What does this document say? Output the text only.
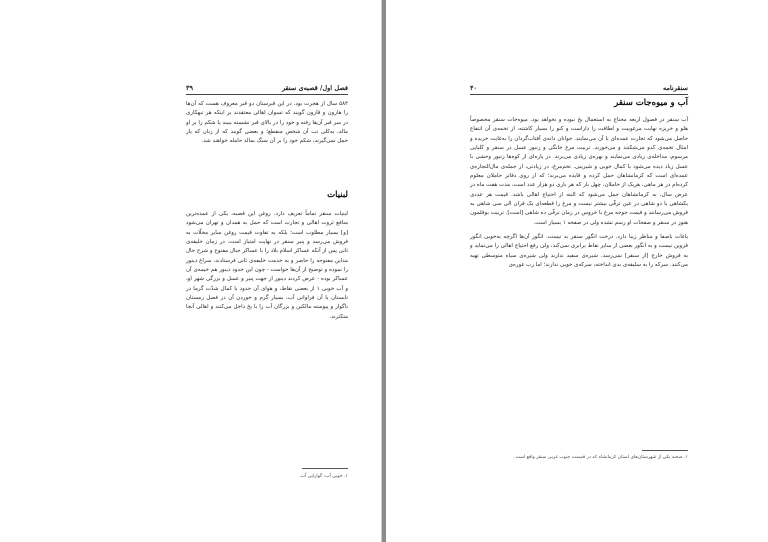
فصل اول/ قصبه‌ی سنقر
۳۹

۵۸۴ سال از هجرت بود. در این قبرستان دو قبر معروف هست که آن‌ها را هارون و قارون گویند که تسوان اهالی معتقدند بر اینکه هر تبهکاری در سر قبر آن‌ها رفته و خود را در بالای قبر نشسته ببیند یا شکم را بر او مالد، به‌کلی تب آن شخص منقطع؛ و بعضی گویند که از زنان که بار حمل نمی‌گیرند، شکم خود را بر آن سنگ بمالد حامله خواهند شد.

لبنیات

لبنیات سنقر تماماً تعریف دارد. روغن این قصبه، یکی از عمده‌ترین منافع ثروت اهالی و تجارت است که حمل به همدان و تهران می‌شود [و] بسیار مطلوب است؛ بلکه به تفاوت قیمت روغن سایر محلّات به فروش می‌رسد و پنیر سنقر در نهایت امتیاز است. در زمان خلیفه‌ی ثانی پس از آنکه عساکر اسلام بلاد را با عساکر جبال مفتوح و شرح حال مداین مفتوحه را حاضر و به خدمت خلیفه‌ی ثانی فرستادند، سراغ دینور را نموده و توضیح از آن‌ها خواست - چون این حدود دینور هم خیمه‌ی آن عساکر بوده - عرض کردند دینور از جهت پنیر و عسل و بزرگی شهر او، و آب خوبی ۱ از بعضی نقاط، و هوای آن حدود با کمال شدّت گرما در تابستان با آن فراوانی آب، بسیار گرم و خوردن آن در فصل زمستان ناگوار و پیوسته مالکین و بزرگان آب را با یخ داخل می‌کنند و اهالی آنجا متکثرند.

۱. خوبی آب: گوارایی آب.
سنقرنامه
۴۰
آب و میوه‌جات سنقر

آب سنقر در فصول اربعه محتاج به استعمال یخ نبوده و نخواهد بود. میوه‌جات سنقر مخصوصاً هلو و خربزه نهایت مرغوبیت و لطافت را داراست و کنو را بسیار کاشته، از تخمه‌ی آن انتفاع حاصل می‌شود که تجارت عمده‌ای با آن می‌نمایند. جوانان دانه‌ی آفتاب‌گردان را به‌غایت خریده و امثال تخمه‌ی کدو می‌شکنند و می‌خورند. تربیت مرغ خانگی و زنبور عسل در سنقر و کلیایی مرسوم، مداخله‌ی زیادی می‌نمایند و بهره‌ی زیادی می‌برند. در پاره‌ای از کوه‌ها زنبور وحشی با عسل زیاد دیده می‌شود با کمال خوبی و شیرینی. تخم‌مرغ، در زیادتی، از جمله‌ی مال‌التجاره‌ی عمده‌ای است که کرمانشاهان حمل کرده و فایده می‌برند؛ که از روی دفاتر حاملان معلوم کرده‌ام در هر ماهی، هریک از حاملان، چهل بار که هر باری دو هزار عدد است، مدت هفت ماه در عرض سال، به کرمانشاهان حمل می‌شود که البته از احتیاج اهالی باشد. قیمت هر عددی یکشاهی یا دو شاهی در عین ترقّی بیشتر نیست و مرغ را قطعه‌ای یک قران الی سی شاهی به فروش می‌رسانند و قیمت جوجه مرغ با خروس در زمان ترقّی ده شاهی [است]. تربیت بوقلمون هنوز در سنقر و صفحات او رسم نشده ولی در صفحه ۱ بسیار است.

باغات باصفا و مناظر زیبا دارد. درخت انگور سنقر بد نیست. انگور آن‌ها اگرچه به‌خوبی انگور قزوین نیست و به انگور بعضی از سایر نقاط برابری نمی‌کند، ولی رفع احتیاج اهالی را می‌نماید و به فروش خارج [از سنقر] نمی‌رسد. شیره‌ی سفید ندارند ولی شیره‌ی سیاه متوسطی تهیه می‌کنند. سرکه را به سلیقه‌ی بدی انداخته، سرکه‌ی خوبی ندارند؛ اما رب غوره‌ی

۱. صحنه یکی از شهرستان‌های استان کرمانشاه که در قسمت جنوب غربی سنقر واقع است.
